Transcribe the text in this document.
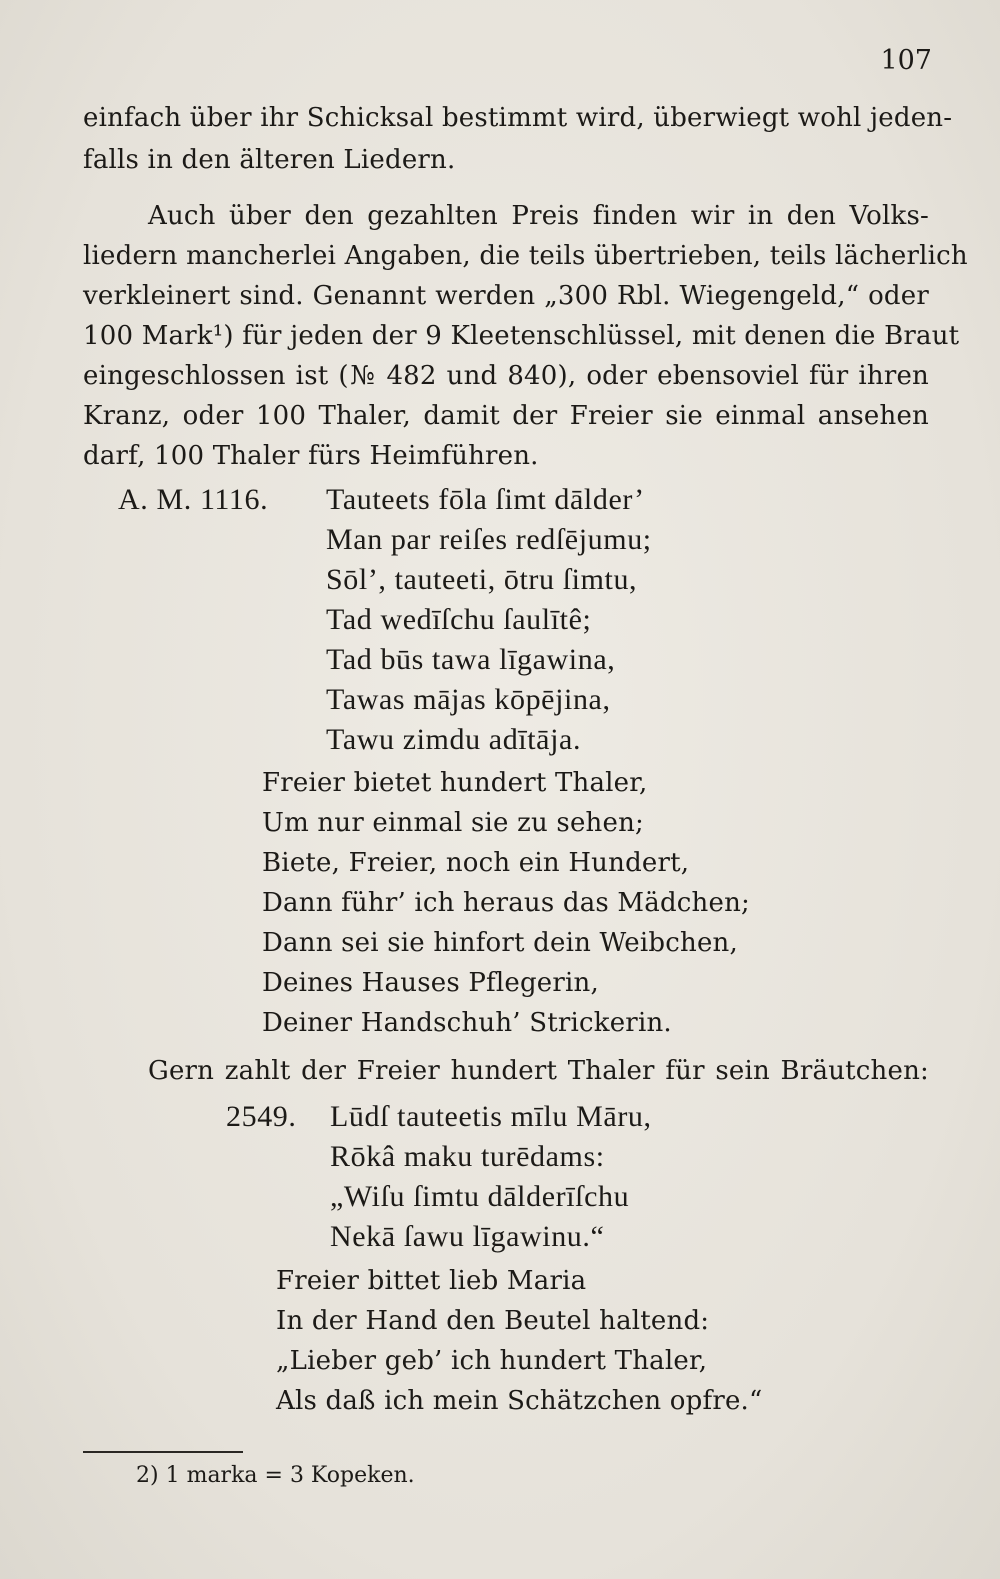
107
einfach über ihr Schicksal bestimmt wird, überwiegt wohl jeden-
falls in den älteren Liedern.
Auch über den gezahlten Preis finden wir in den Volks-
liedern mancherlei Angaben, die teils übertrieben, teils lächerlich
verkleinert sind. Genannt werden „300 Rbl. Wiegengeld,“ oder
100 Mark¹) für jeden der 9 Kleetenschlüssel, mit denen die Braut
eingeschlossen ist (№ 482 und 840), oder ebensoviel für ihren
Kranz, oder 100 Thaler, damit der Freier sie einmal ansehen
darf, 100 Thaler fürs Heimführen.
A. M. 1116. Tauteets fōla ſimt dālder’
Man par reiſes redſējumu;
Sōl’, tauteeti, ōtru ſimtu,
Tad wedīſchu ſaulītê;
Tad būs tawa līgawina,
Tawas mājas kōpējina,
Tawu zimdu adītāja.
Freier bietet hundert Thaler,
Um nur einmal sie zu sehen;
Biete, Freier, noch ein Hundert,
Dann führ’ ich heraus das Mädchen;
Dann sei sie hinfort dein Weibchen,
Deines Hauses Pflegerin,
Deiner Handschuh’ Strickerin.
Gern zahlt der Freier hundert Thaler für sein Bräutchen:
2549. Lūdſ tauteetis mīlu Māru,
Rōkâ maku turēdams:
„Wiſu ſimtu dālderīſchu
Nekā ſawu līgawinu.“
Freier bittet lieb Maria
In der Hand den Beutel haltend:
„Lieber geb’ ich hundert Thaler,
Als daß ich mein Schätzchen opfre.“
2) 1 marka = 3 Kopeken.
